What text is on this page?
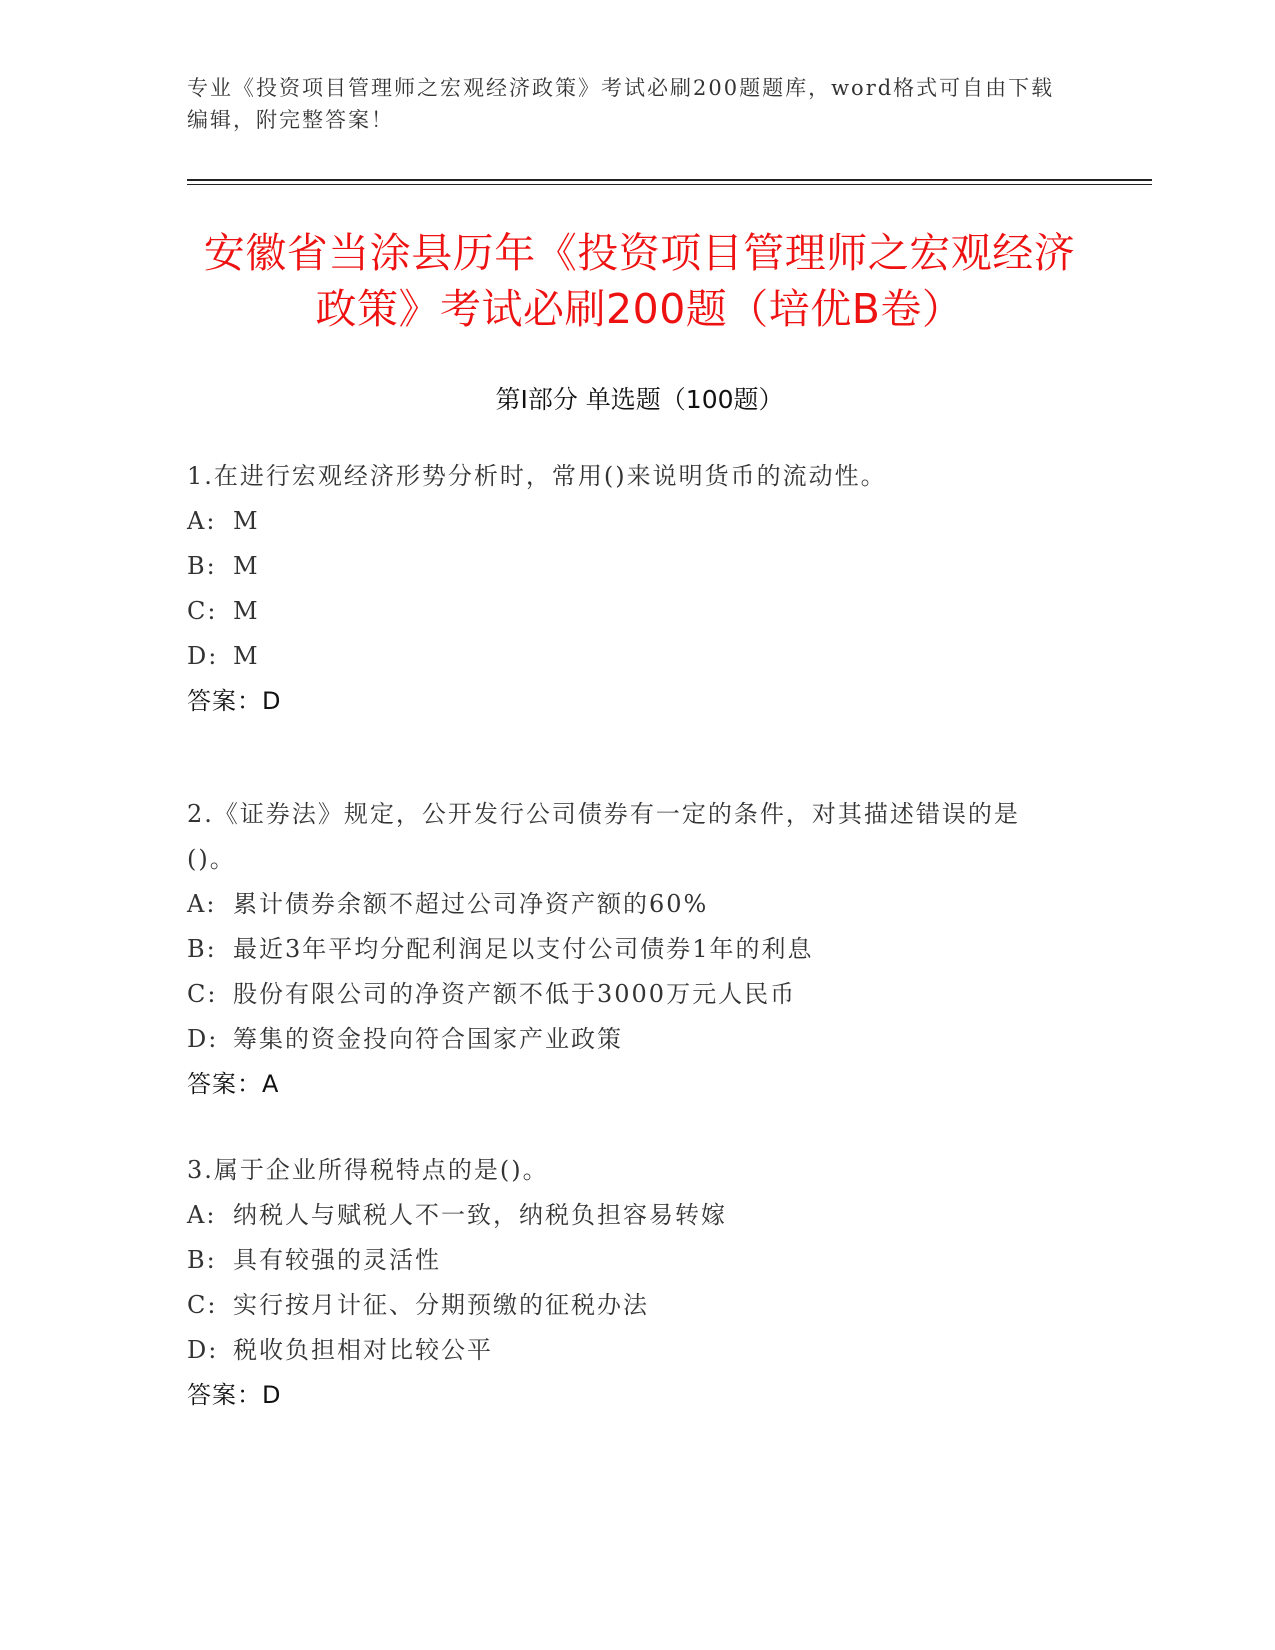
专业《投资项目管理师之宏观经济政策》考试必刷200题题库，word格式可自由下载编辑，附完整答案！
安徽省当涂县历年《投资项目管理师之宏观经济政策》考试必刷200题（培优B卷）
第I部分 单选题（100题）
1.在进行宏观经济形势分析时，常用()来说明货币的流动性。
A: M
B: M
C: M
D: M
答案：D
2.《证券法》规定，公开发行公司债券有一定的条件，对其描述错误的是()。
A: 累计债券余额不超过公司净资产额的60%
B: 最近3年平均分配利润足以支付公司债券1年的利息
C: 股份有限公司的净资产额不低于3000万元人民币
D: 筹集的资金投向符合国家产业政策
答案：A
3.属于企业所得税特点的是()。
A: 纳税人与赋税人不一致，纳税负担容易转嫁
B: 具有较强的灵活性
C: 实行按月计征、分期预缴的征税办法
D: 税收负担相对比较公平
答案：D
